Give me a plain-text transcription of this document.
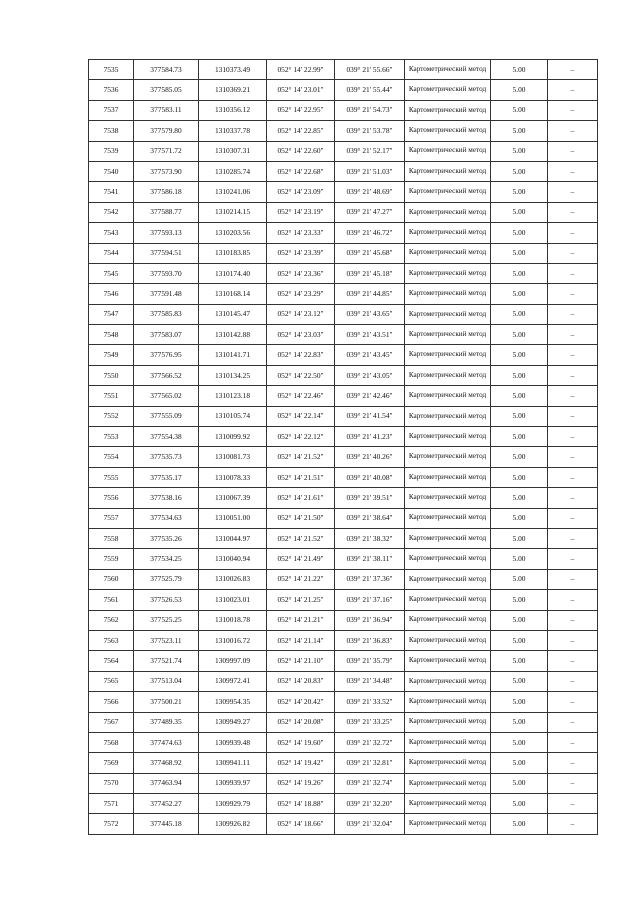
7535	377584.73	1310373.49	052° 14' 22.99"	039° 21' 55.66"	Картометрический метод	5.00	–
7536	377585.05	1310369.21	052° 14' 23.01"	039° 21' 55.44"	Картометрический метод	5.00	–
7537	377583.11	1310356.12	052° 14' 22.95"	039° 21' 54.73"	Картометрический метод	5.00	–
7538	377579.80	1310337.78	052° 14' 22.85"	039° 21' 53.78"	Картометрический метод	5.00	–
7539	377571.72	1310307.31	052° 14' 22.60"	039° 21' 52.17"	Картометрический метод	5.00	–
7540	377573.90	1310285.74	052° 14' 22.68"	039° 21' 51.03"	Картометрический метод	5.00	–
7541	377586.18	1310241.06	052° 14' 23.09"	039° 21' 48.69"	Картометрический метод	5.00	–
7542	377588.77	1310214.15	052° 14' 23.19"	039° 21' 47.27"	Картометрический метод	5.00	–
7543	377593.13	1310203.56	052° 14' 23.33"	039° 21' 46.72"	Картометрический метод	5.00	–
7544	377594.51	1310183.85	052° 14' 23.39"	039° 21' 45.68"	Картометрический метод	5.00	–
7545	377593.70	1310174.40	052° 14' 23.36"	039° 21' 45.18"	Картометрический метод	5.00	–
7546	377591.48	1310168.14	052° 14' 23.29"	039° 21' 44.85"	Картометрический метод	5.00	–
7547	377585.83	1310145.47	052° 14' 23.12"	039° 21' 43.65"	Картометрический метод	5.00	–
7548	377583.07	1310142.88	052° 14' 23.03"	039° 21' 43.51"	Картометрический метод	5.00	–
7549	377576.95	1310141.71	052° 14' 22.83"	039° 21' 43.45"	Картометрический метод	5.00	–
7550	377566.52	1310134.25	052° 14' 22.50"	039° 21' 43.05"	Картометрический метод	5.00	–
7551	377565.02	1310123.18	052° 14' 22.46"	039° 21' 42.46"	Картометрический метод	5.00	–
7552	377555.09	1310105.74	052° 14' 22.14"	039° 21' 41.54"	Картометрический метод	5.00	–
7553	377554.38	1310099.92	052° 14' 22.12"	039° 21' 41.23"	Картометрический метод	5.00	–
7554	377535.73	1310081.73	052° 14' 21.52"	039° 21' 40.26"	Картометрический метод	5.00	–
7555	377535.17	1310078.33	052° 14' 21.51"	039° 21' 40.08"	Картометрический метод	5.00	–
7556	377538.16	1310067.39	052° 14' 21.61"	039° 21' 39.51"	Картометрический метод	5.00	–
7557	377534.63	1310051.00	052° 14' 21.50"	039° 21' 38.64"	Картометрический метод	5.00	–
7558	377535.26	1310044.97	052° 14' 21.52"	039° 21' 38.32"	Картометрический метод	5.00	–
7559	377534.25	1310040.94	052° 14' 21.49"	039° 21' 38.11"	Картометрический метод	5.00	–
7560	377525.79	1310026.83	052° 14' 21.22"	039° 21' 37.36"	Картометрический метод	5.00	–
7561	377526.53	1310023.01	052° 14' 21.25"	039° 21' 37.16"	Картометрический метод	5.00	–
7562	377525.25	1310018.78	052° 14' 21.21"	039° 21' 36.94"	Картометрический метод	5.00	–
7563	377523.11	1310016.72	052° 14' 21.14"	039° 21' 36.83"	Картометрический метод	5.00	–
7564	377521.74	1309997.09	052° 14' 21.10"	039° 21' 35.79"	Картометрический метод	5.00	–
7565	377513.04	1309972.41	052° 14' 20.83"	039° 21' 34.48"	Картометрический метод	5.00	–
7566	377500.21	1309954.35	052° 14' 20.42"	039° 21' 33.52"	Картометрический метод	5.00	–
7567	377489.35	1309949.27	052° 14' 20.08"	039° 21' 33.25"	Картометрический метод	5.00	–
7568	377474.63	1309939.48	052° 14' 19.60"	039° 21' 32.72"	Картометрический метод	5.00	–
7569	377468.92	1309941.11	052° 14' 19.42"	039° 21' 32.81"	Картометрический метод	5.00	–
7570	377463.94	1309939.97	052° 14' 19.26"	039° 21' 32.74"	Картометрический метод	5.00	–
7571	377452.27	1309929.79	052° 14' 18.88"	039° 21' 32.20"	Картометрический метод	5.00	–
7572	377445.18	1309926.82	052° 14' 18.66"	039° 21' 32.04"	Картометрический метод	5.00	–
